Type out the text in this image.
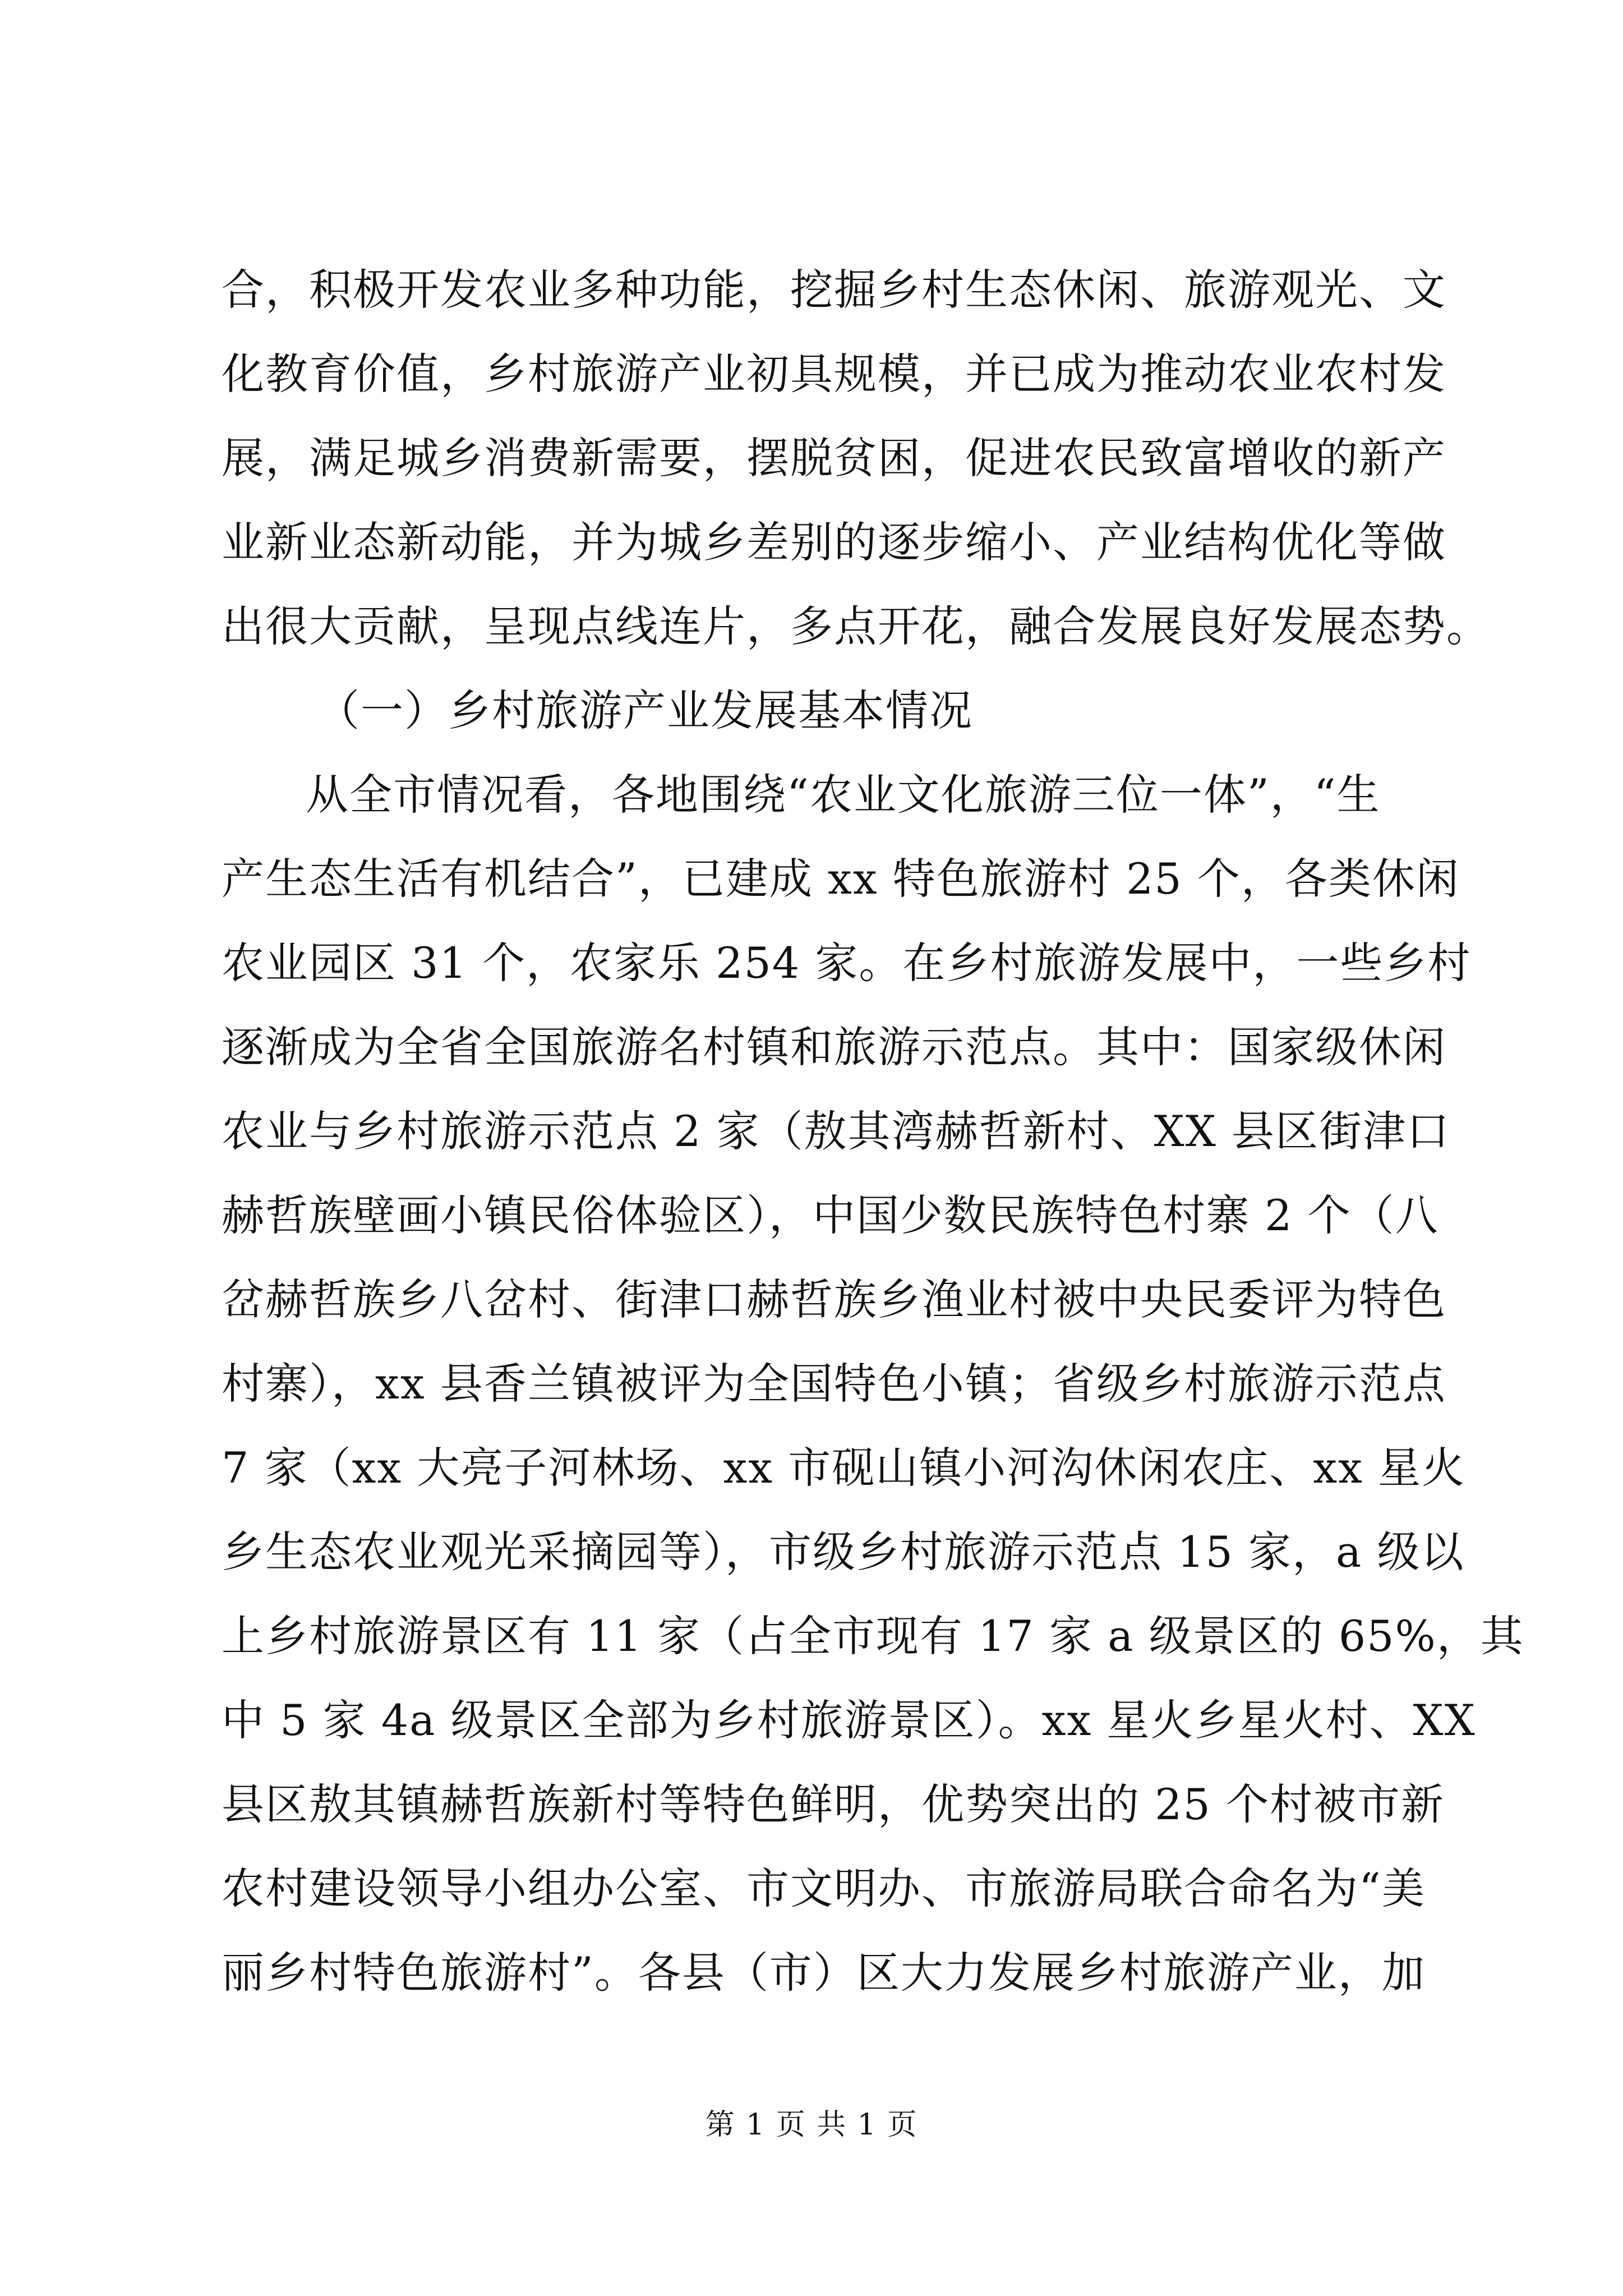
合，积极开发农业多种功能，挖掘乡村生态休闲、旅游观光、文
化教育价值，乡村旅游产业初具规模，并已成为推动农业农村发
展，满足城乡消费新需要，摆脱贫困，促进农民致富增收的新产
业新业态新动能，并为城乡差别的逐步缩小、产业结构优化等做
出很大贡献，呈现点线连片，多点开花，融合发展良好发展态势。
（一）乡村旅游产业发展基本情况
从全市情况看，各地围绕“农业文化旅游三位一体”，“生
产生态生活有机结合”，已建成 xx 特色旅游村 25 个，各类休闲
农业园区 31 个，农家乐 254 家。在乡村旅游发展中，一些乡村
逐渐成为全省全国旅游名村镇和旅游示范点。其中：国家级休闲
农业与乡村旅游示范点 2 家（敖其湾赫哲新村、XX 县区街津口
赫哲族壁画小镇民俗体验区），中国少数民族特色村寨 2 个（八
岔赫哲族乡八岔村、街津口赫哲族乡渔业村被中央民委评为特色
村寨），xx 县香兰镇被评为全国特色小镇；省级乡村旅游示范点
7 家（xx 大亮子河林场、xx 市砚山镇小河沟休闲农庄、xx 星火
乡生态农业观光采摘园等），市级乡村旅游示范点 15 家，a 级以
上乡村旅游景区有 11 家（占全市现有 17 家 a 级景区的 65%，其
中 5 家 4a 级景区全部为乡村旅游景区）。xx 星火乡星火村、XX
县区敖其镇赫哲族新村等特色鲜明，优势突出的 25 个村被市新
农村建设领导小组办公室、市文明办、市旅游局联合命名为“美
丽乡村特色旅游村”。各县（市）区大力发展乡村旅游产业，加
第 1 页 共 1 页
